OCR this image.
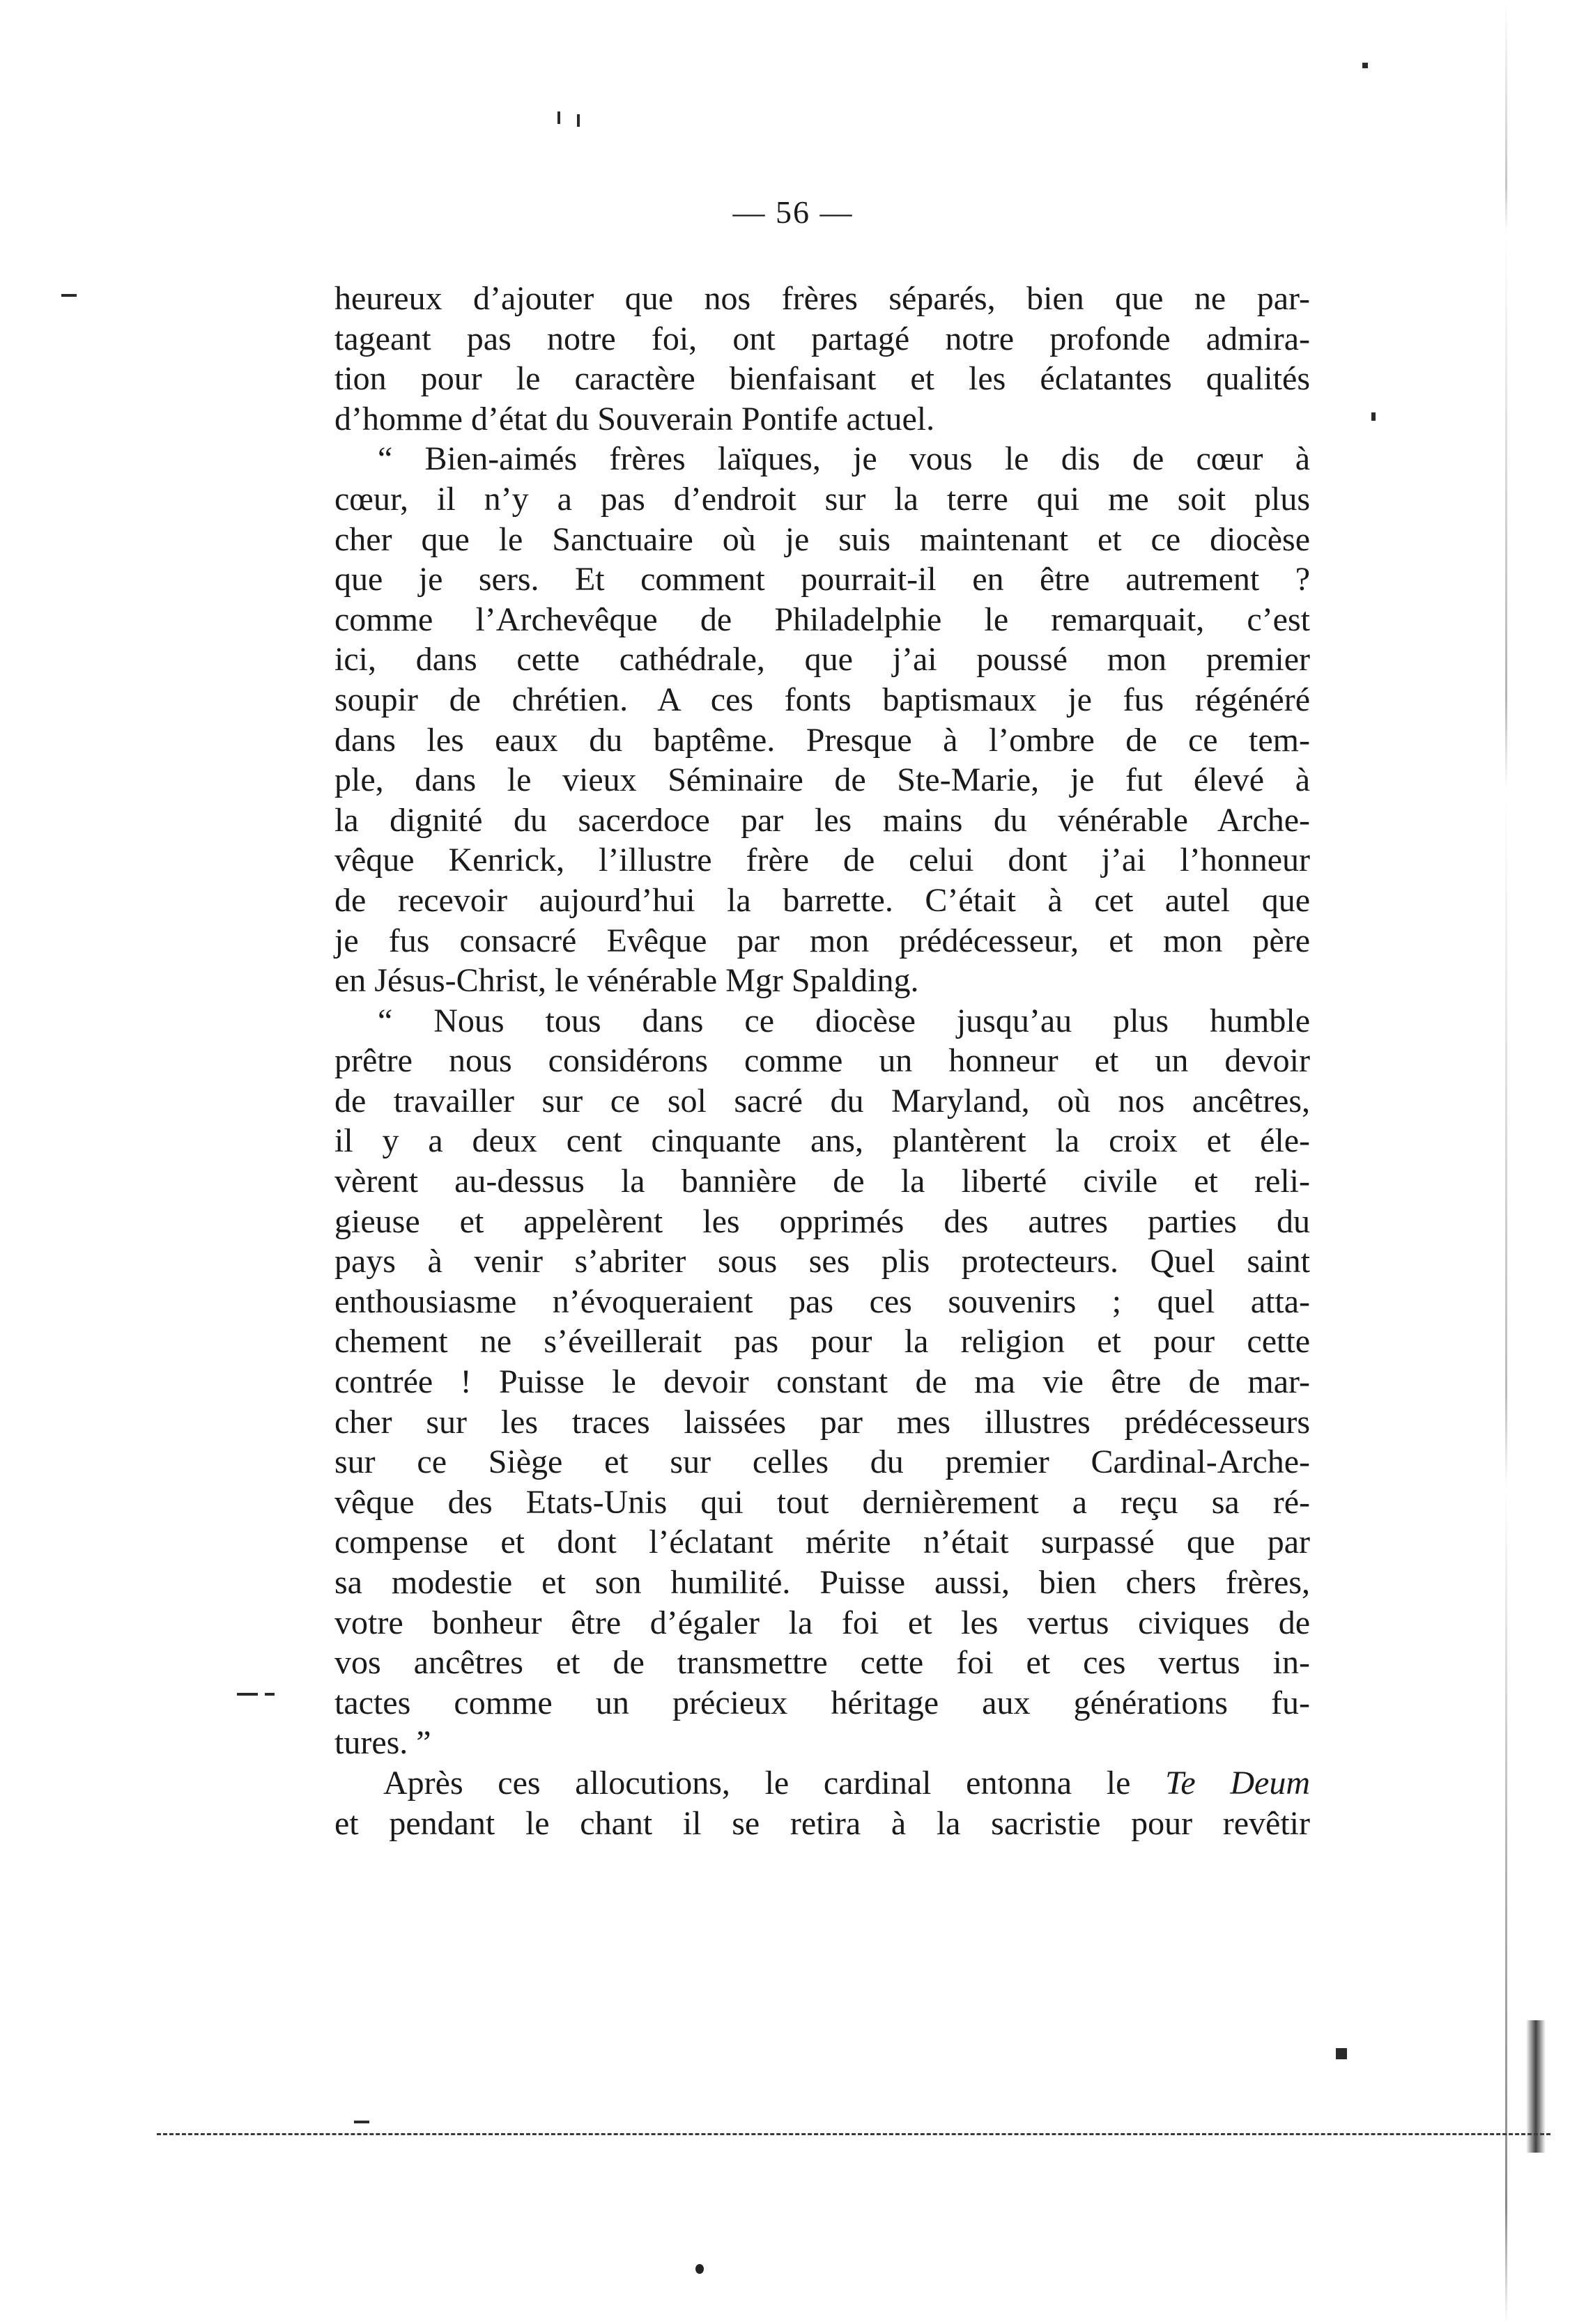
— 56 —
heureux d’ajouter que nos frères séparés, bien que ne par-
tageant pas notre foi, ont partagé notre profonde admira-
tion pour le caractère bienfaisant et les éclatantes qualités
d’homme d’état du Souverain Pontife actuel.
“ Bien-aimés frères laïques, je vous le dis de cœur à
cœur, il n’y a pas d’endroit sur la terre qui me soit plus
cher que le Sanctuaire où je suis maintenant et ce diocèse
que je sers. Et comment pourrait-il en être autrement ?
comme l’Archevêque de Philadelphie le remarquait, c’est
ici, dans cette cathédrale, que j’ai poussé mon premier
soupir de chrétien. A ces fonts baptismaux je fus régénéré
dans les eaux du baptême. Presque à l’ombre de ce tem-
ple, dans le vieux Séminaire de Ste-Marie, je fut élevé à
la dignité du sacerdoce par les mains du vénérable Arche-
vêque Kenrick, l’illustre frère de celui dont j’ai l’honneur
de recevoir aujourd’hui la barrette. C’était à cet autel que
je fus consacré Evêque par mon prédécesseur, et mon père
en Jésus-Christ, le vénérable Mgr Spalding.
“ Nous tous dans ce diocèse jusqu’au plus humble
prêtre nous considérons comme un honneur et un devoir
de travailler sur ce sol sacré du Maryland, où nos ancêtres,
il y a deux cent cinquante ans, plantèrent la croix et éle-
vèrent au-dessus la bannière de la liberté civile et reli-
gieuse et appelèrent les opprimés des autres parties du
pays à venir s’abriter sous ses plis protecteurs. Quel saint
enthousiasme n’évoqueraient pas ces souvenirs ; quel atta-
chement ne s’éveillerait pas pour la religion et pour cette
contrée ! Puisse le devoir constant de ma vie être de mar-
cher sur les traces laissées par mes illustres prédécesseurs
sur ce Siège et sur celles du premier Cardinal-Arche-
vêque des Etats-Unis qui tout dernièrement a reçu sa ré-
compense et dont l’éclatant mérite n’était surpassé que par
sa modestie et son humilité. Puisse aussi, bien chers frères,
votre bonheur être d’égaler la foi et les vertus civiques de
vos ancêtres et de transmettre cette foi et ces vertus in-
tactes comme un précieux héritage aux générations fu-
tures. ”
Après ces allocutions, le cardinal entonna le Te Deum
et pendant le chant il se retira à la sacristie pour revêtir
